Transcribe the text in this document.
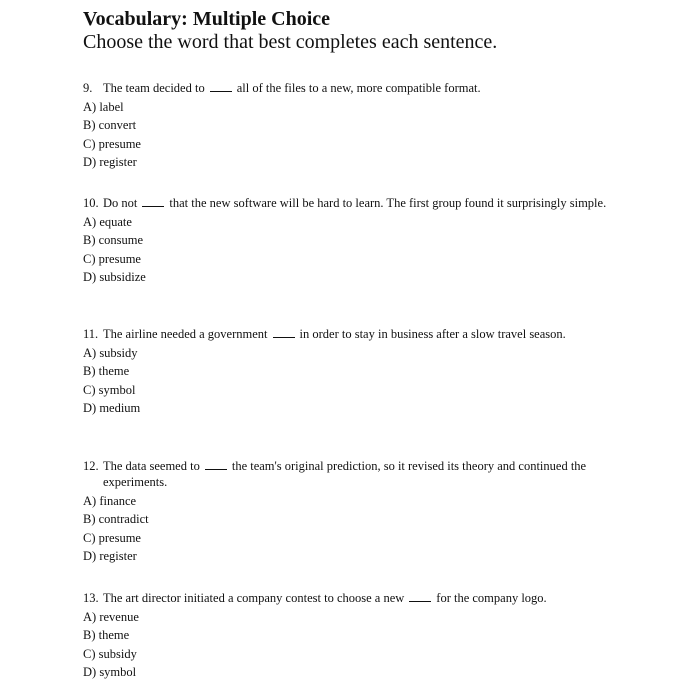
Vocabulary: Multiple Choice

Choose the word that best completes each sentence.

9. The team decided to	all of the files to a new, more compatible format.
A) label
B) convert
C) presume
D) register
10. Do not	that the new software will be hard to learn. The first group found it surprisingly simple.
A) equate
B) consume
C) presume
D) subsidize
11. The airline needed a government	in order to stay in business after a slow travel season.
A) subsidy
B) theme
C) symbol
D) medium
12. The data seemed to	the team's original prediction, so it revised its theory and continued the experiments.
A) finance
B) contradict
C) presume
D) register
13. The art director initiated a company contest to choose a new	for the company logo.
A) revenue
B) theme
C) subsidy
D) symbol
